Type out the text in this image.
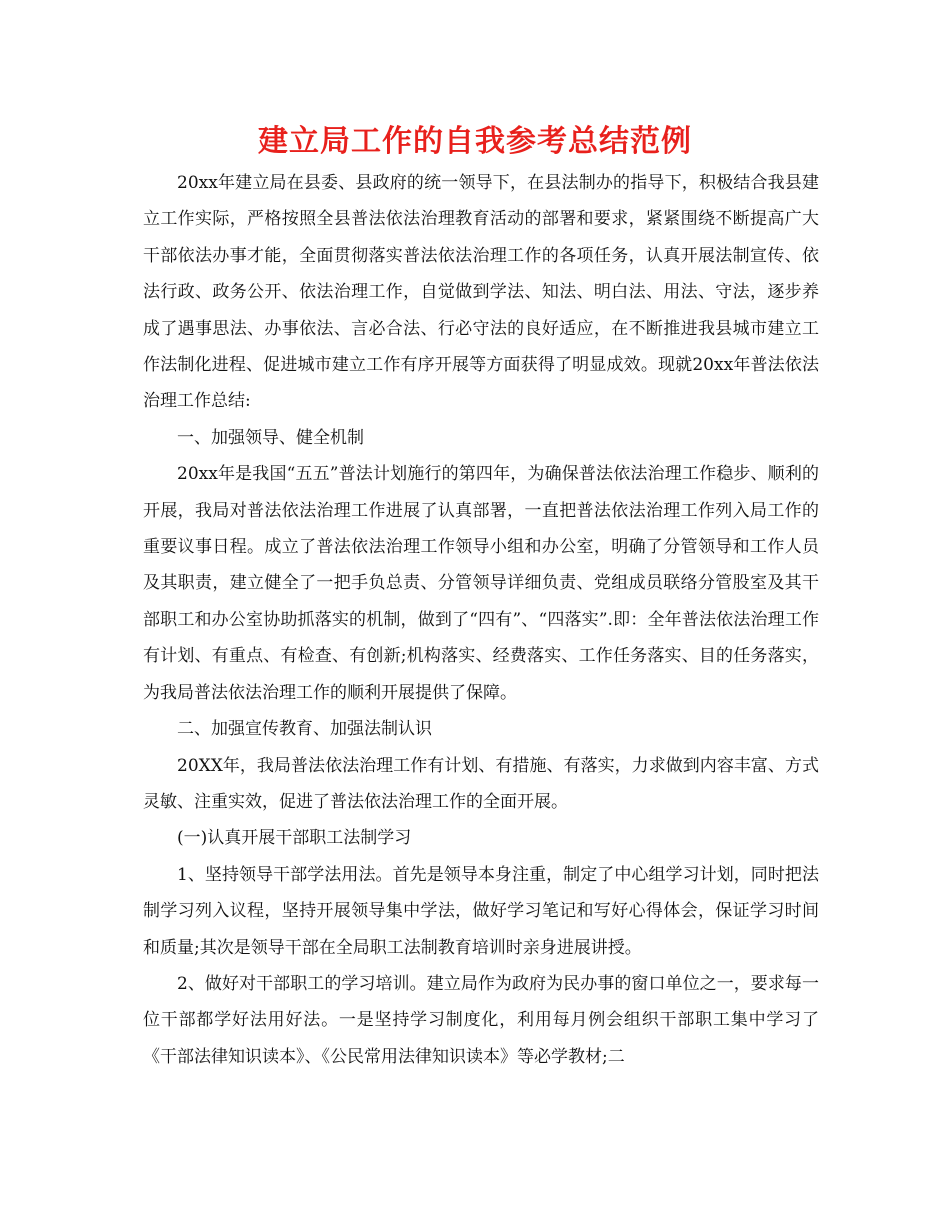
建立局工作的自我参考总结范例

20xx年建立局在县委、县政府的统一领导下，在县法制办的指导下，积极结合我县建立工作实际，严格按照全县普法依法治理教育活动的部署和要求，紧紧围绕不断提高广大干部依法办事才能，全面贯彻落实普法依法治理工作的各项任务，认真开展法制宣传、依法行政、政务公开、依法治理工作，自觉做到学法、知法、明白法、用法、守法，逐步养成了遇事思法、办事依法、言必合法、行必守法的良好适应，在不断推进我县城市建立工作法制化进程、促进城市建立工作有序开展等方面获得了明显成效。现就20xx年普法依法治理工作总结:

一、加强领导、健全机制

20xx年是我国“五五”普法计划施行的第四年，为确保普法依法治理工作稳步、顺利的开展，我局对普法依法治理工作进展了认真部署，一直把普法依法治理工作列入局工作的重要议事日程。成立了普法依法治理工作领导小组和办公室，明确了分管领导和工作人员及其职责，建立健全了一把手负总责、分管领导详细负责、党组成员联络分管股室及其干部职工和办公室协助抓落实的机制，做到了“四有”、“四落实”.即：全年普法依法治理工作有计划、有重点、有检查、有创新;机构落实、经费落实、工作任务落实、目的任务落实，为我局普法依法治理工作的顺利开展提供了保障。

二、加强宣传教育、加强法制认识

20XX年，我局普法依法治理工作有计划、有措施、有落实，力求做到内容丰富、方式灵敏、注重实效，促进了普法依法治理工作的全面开展。

(一)认真开展干部职工法制学习

1、坚持领导干部学法用法。首先是领导本身注重，制定了中心组学习计划，同时把法制学习列入议程，坚持开展领导集中学法，做好学习笔记和写好心得体会，保证学习时间和质量;其次是领导干部在全局职工法制教育培训时亲身进展讲授。

2、做好对干部职工的学习培训。建立局作为政府为民办事的窗口单位之一，要求每一位干部都学好法用好法。一是坚持学习制度化，利用每月例会组织干部职工集中学习了《干部法律知识读本》、《公民常用法律知识读本》等必学教材;二
